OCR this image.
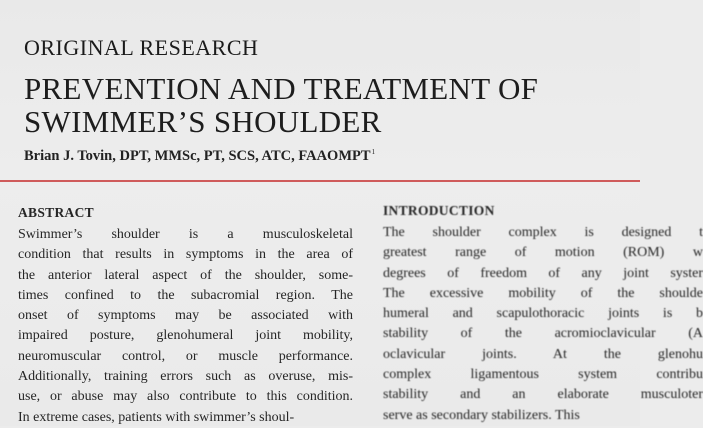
ORIGINAL RESEARCH
PREVENTION AND TREATMENT OF
SWIMMER’S SHOULDER
Brian J. Tovin, DPT, MMSc, PT, SCS, ATC, FAAOMPT$^1$
ABSTRACT
Swimmer’s shoulder is a musculoskeletal
condition that results in symptoms in the area of
the anterior lateral aspect of the shoulder, some-
times confined to the subacromial region. The
onset of symptoms may be associated with
impaired posture, glenohumeral joint mobility,
neuromuscular control, or muscle performance.
Additionally, training errors such as overuse, mis-
use, or abuse may also contribute to this condition.
In extreme cases, patients with swimmer’s shoul-
INTRODUCTION
The shoulder complex is designed t
greatest range of motion (ROM) w
degrees of freedom of any joint syster
The excessive mobility of the shoulde
humeral and scapulothoracic joints is b
stability of the acromioclavicular (A
oclavicular joints. At the glenohu
complex ligamentous system contribu
stability and an elaborate musculoter
serve as secondary stabilizers. This
